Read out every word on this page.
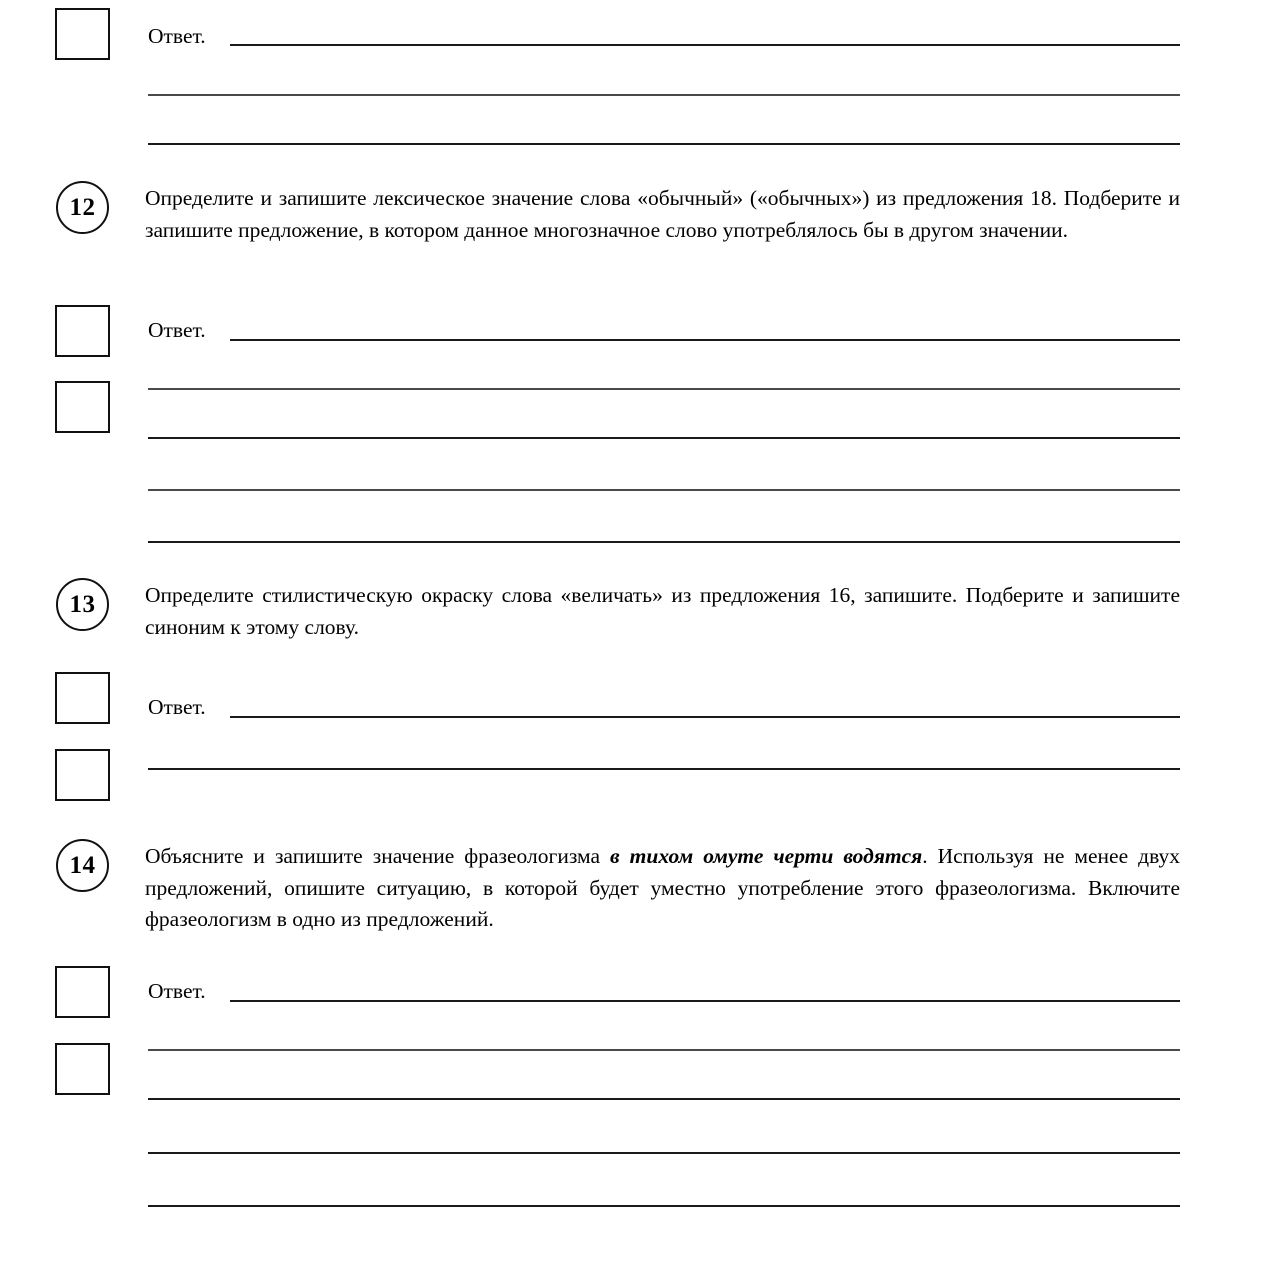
Ответ.
12	Определите и запишите лексическое значение слова «обычный» («обычных») из предложения 18. Подберите и запишите предложение, в котором данное многозначное слово употреблялось бы в другом значении.
Ответ.
13	Определите стилистическую окраску слова «величать» из предложения 16, запишите. Подберите и запишите синоним к этому слову.
Ответ.
14	Объясните и запишите значение фразеологизма в тихом омуте черти водятся. Используя не менее двух предложений, опишите ситуацию, в которой будет уместно употребление этого фразеологизма. Включите фразеологизм в одно из предложений.
Ответ.
